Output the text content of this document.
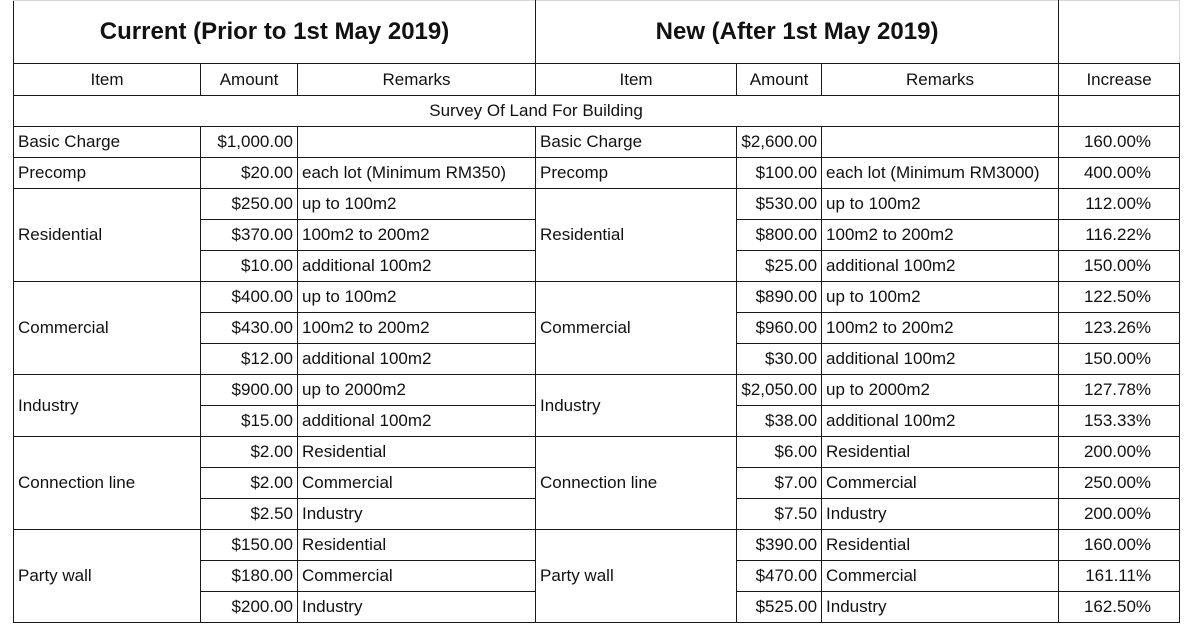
Current (Prior to 1st May 2019)			New (After 1st May 2019)			
Item	Amount	Remarks	Item	Amount	Remarks	Increase
Survey Of Land For Building						
Basic Charge	$1,000.00		Basic Charge	$2,600.00		160.00%
Precomp	$20.00	each lot (Minimum RM350)	Precomp	$100.00	each lot (Minimum RM3000)	400.00%
Residential	$250.00	up to 100m2	Residential	$530.00	up to 100m2	112.00%
	$370.00	100m2 to 200m2		$800.00	100m2 to 200m2	116.22%
	$10.00	additional 100m2		$25.00	additional 100m2	150.00%
Commercial	$400.00	up to 100m2	Commercial	$890.00	up to 100m2	122.50%
	$430.00	100m2 to 200m2		$960.00	100m2 to 200m2	123.26%
	$12.00	additional 100m2		$30.00	additional 100m2	150.00%
Industry	$900.00	up to 2000m2	Industry	$2,050.00	up to 2000m2	127.78%
	$15.00	additional 100m2		$38.00	additional 100m2	153.33%
Connection line	$2.00	Residential	Connection line	$6.00	Residential	200.00%
	$2.00	Commercial		$7.00	Commercial	250.00%
	$2.50	Industry		$7.50	Industry	200.00%
Party wall	$150.00	Residential	Party wall	$390.00	Residential	160.00%
	$180.00	Commercial		$470.00	Commercial	161.11%
	$200.00	Industry		$525.00	Industry	162.50%
